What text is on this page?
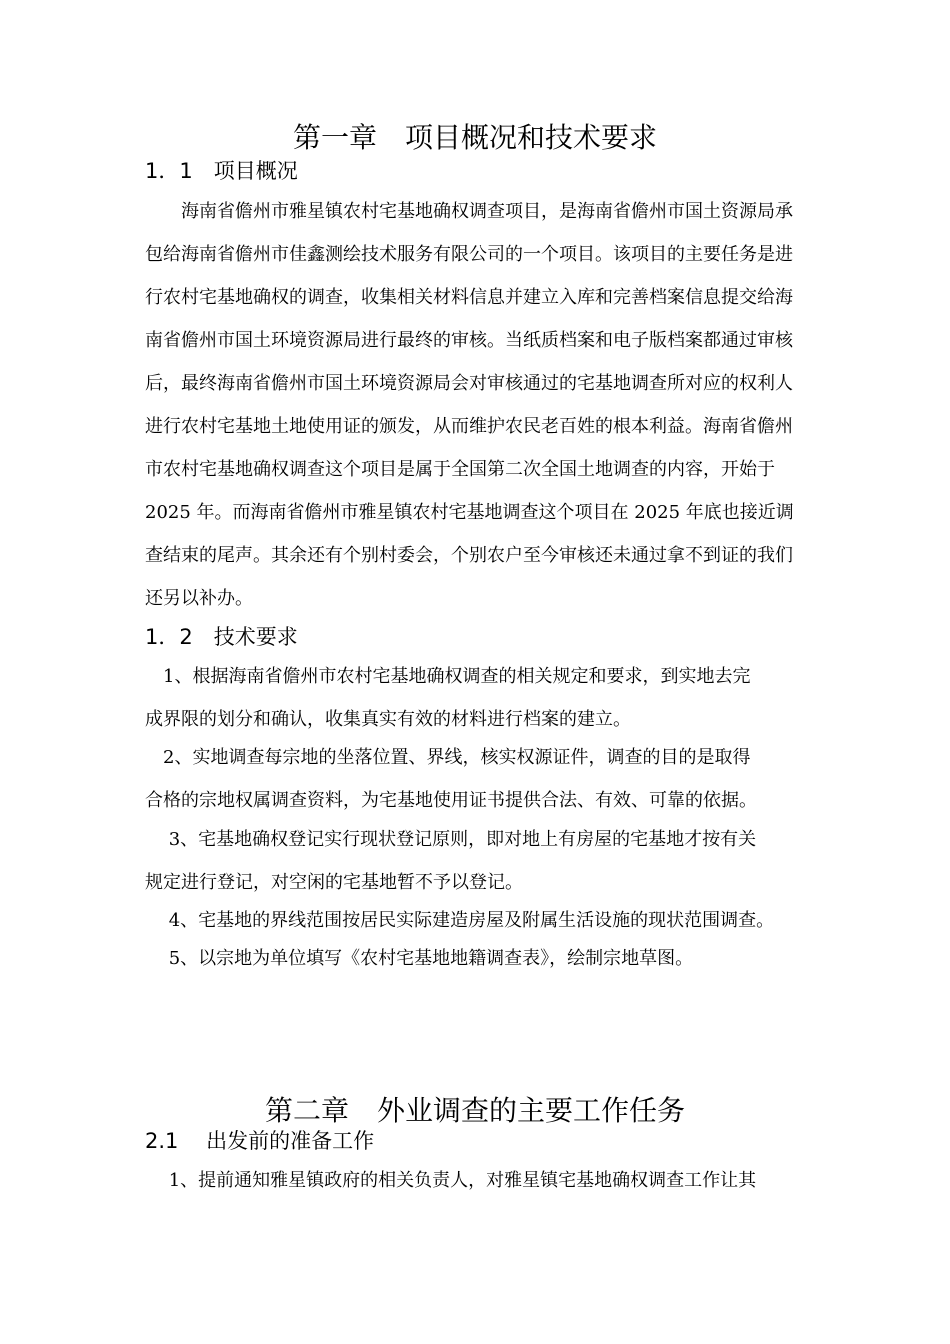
第一章　项目概况和技术要求
1．1　项目概况

海南省儋州市雅星镇农村宅基地确权调查项目，是海南省儋州市国土资源局承包给海南省儋州市佳鑫测绘技术服务有限公司的一个项目。该项目的主要任务是进行农村宅基地确权的调查，收集相关材料信息并建立入库和完善档案信息提交给海南省儋州市国土环境资源局进行最终的审核。当纸质档案和电子版档案都通过审核后，最终海南省儋州市国土环境资源局会对审核通过的宅基地调查所对应的权利人进行农村宅基地土地使用证的颁发，从而维护农民老百姓的根本利益。海南省儋州市农村宅基地确权调查这个项目是属于全国第二次全国土地调查的内容，开始于 2025 年。而海南省儋州市雅星镇农村宅基地调查这个项目在 2025 年底也接近调查结束的尾声。其余还有个别村委会，个别农户至今审核还未通过拿不到证的我们还另以补办。

1．2　技术要求
　1、根据海南省儋州市农村宅基地确权调查的相关规定和要求，到实地去完
成界限的划分和确认，收集真实有效的材料进行档案的建立。
　2、实地调查每宗地的坐落位置、界线，核实权源证件，调查的目的是取得
合格的宗地权属调查资料，为宅基地使用证书提供合法、有效、可靠的依据。
　 3、宅基地确权登记实行现状登记原则，即对地上有房屋的宅基地才按有关
规定进行登记，对空闲的宅基地暂不予以登记。
　 4、宅基地的界线范围按居民实际建造房屋及附属生活设施的现状范围调查。
　 5、以宗地为单位填写《农村宅基地地籍调查表》，绘制宗地草图。
第二章　外业调查的主要工作任务
2.1　 出发前的准备工作
　 1、提前通知雅星镇政府的相关负责人，对雅星镇宅基地确权调查工作让其
